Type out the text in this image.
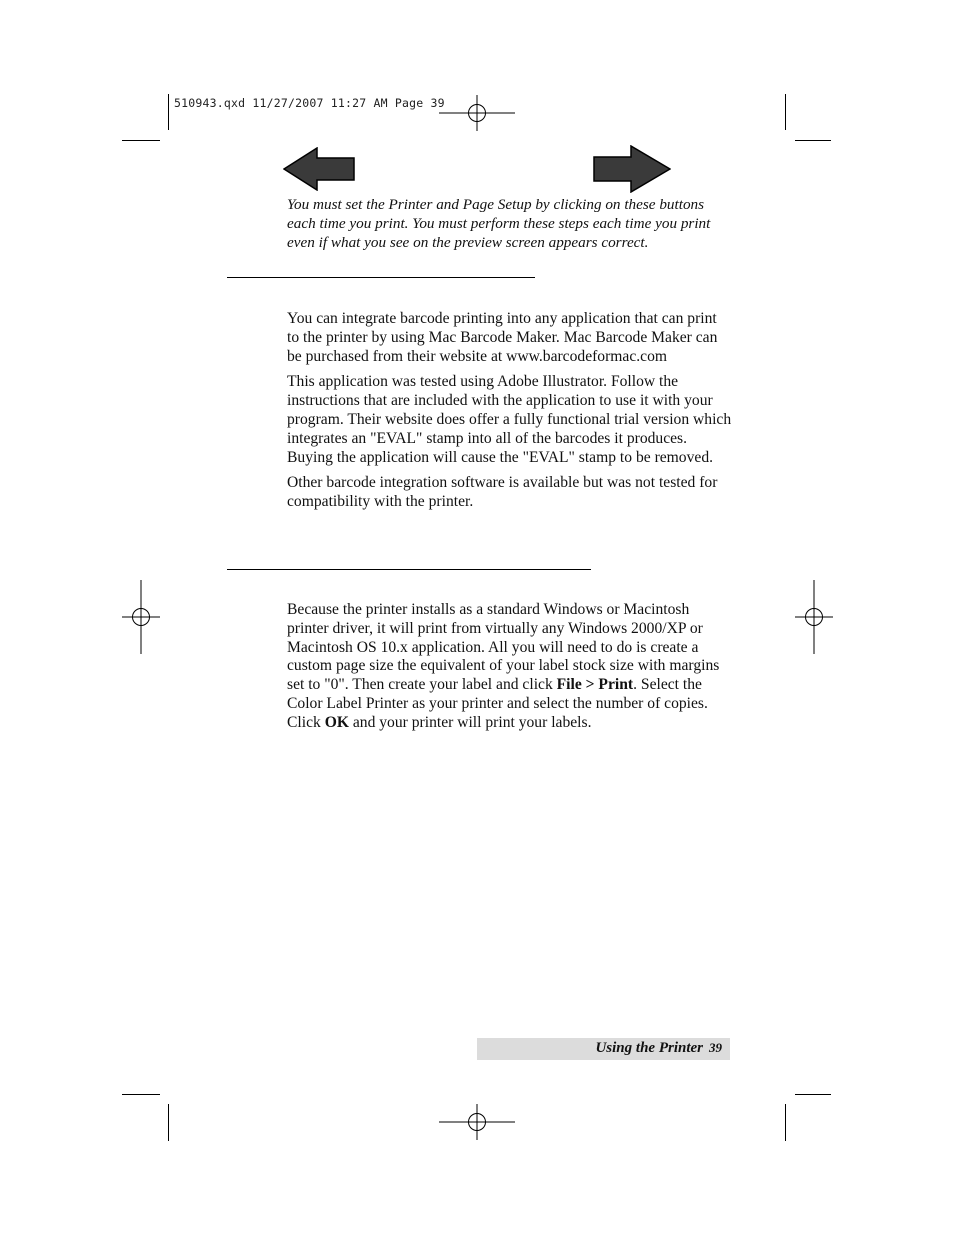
510943.qxd 11/27/2007 11:27 AM Page 39
You must set the Printer and Page Setup by clicking on these buttons each time you print. You must perform these steps each time you print even if what you see on the preview screen appears correct.

You can integrate barcode printing into any application that can print to the printer by using Mac Barcode Maker. Mac Barcode Maker can be purchased from their website at www.barcodeformac.com

This application was tested using Adobe Illustrator. Follow the instructions that are included with the application to use it with your program. Their website does offer a fully functional trial version which integrates an "EVAL" stamp into all of the barcodes it produces. Buying the application will cause the "EVAL" stamp to be removed.

Other barcode integration software is available but was not tested for compatibility with the printer.

Because the printer installs as a standard Windows or Macintosh printer driver, it will print from virtually any Windows 2000/XP or Macintosh OS 10.x application. All you will need to do is create a custom page size the equivalent of your label stock size with margins set to "0". Then create your label and click File > Print. Select the Color Label Printer as your printer and select the number of copies. Click OK and your printer will print your labels.

Using the Printer 39
